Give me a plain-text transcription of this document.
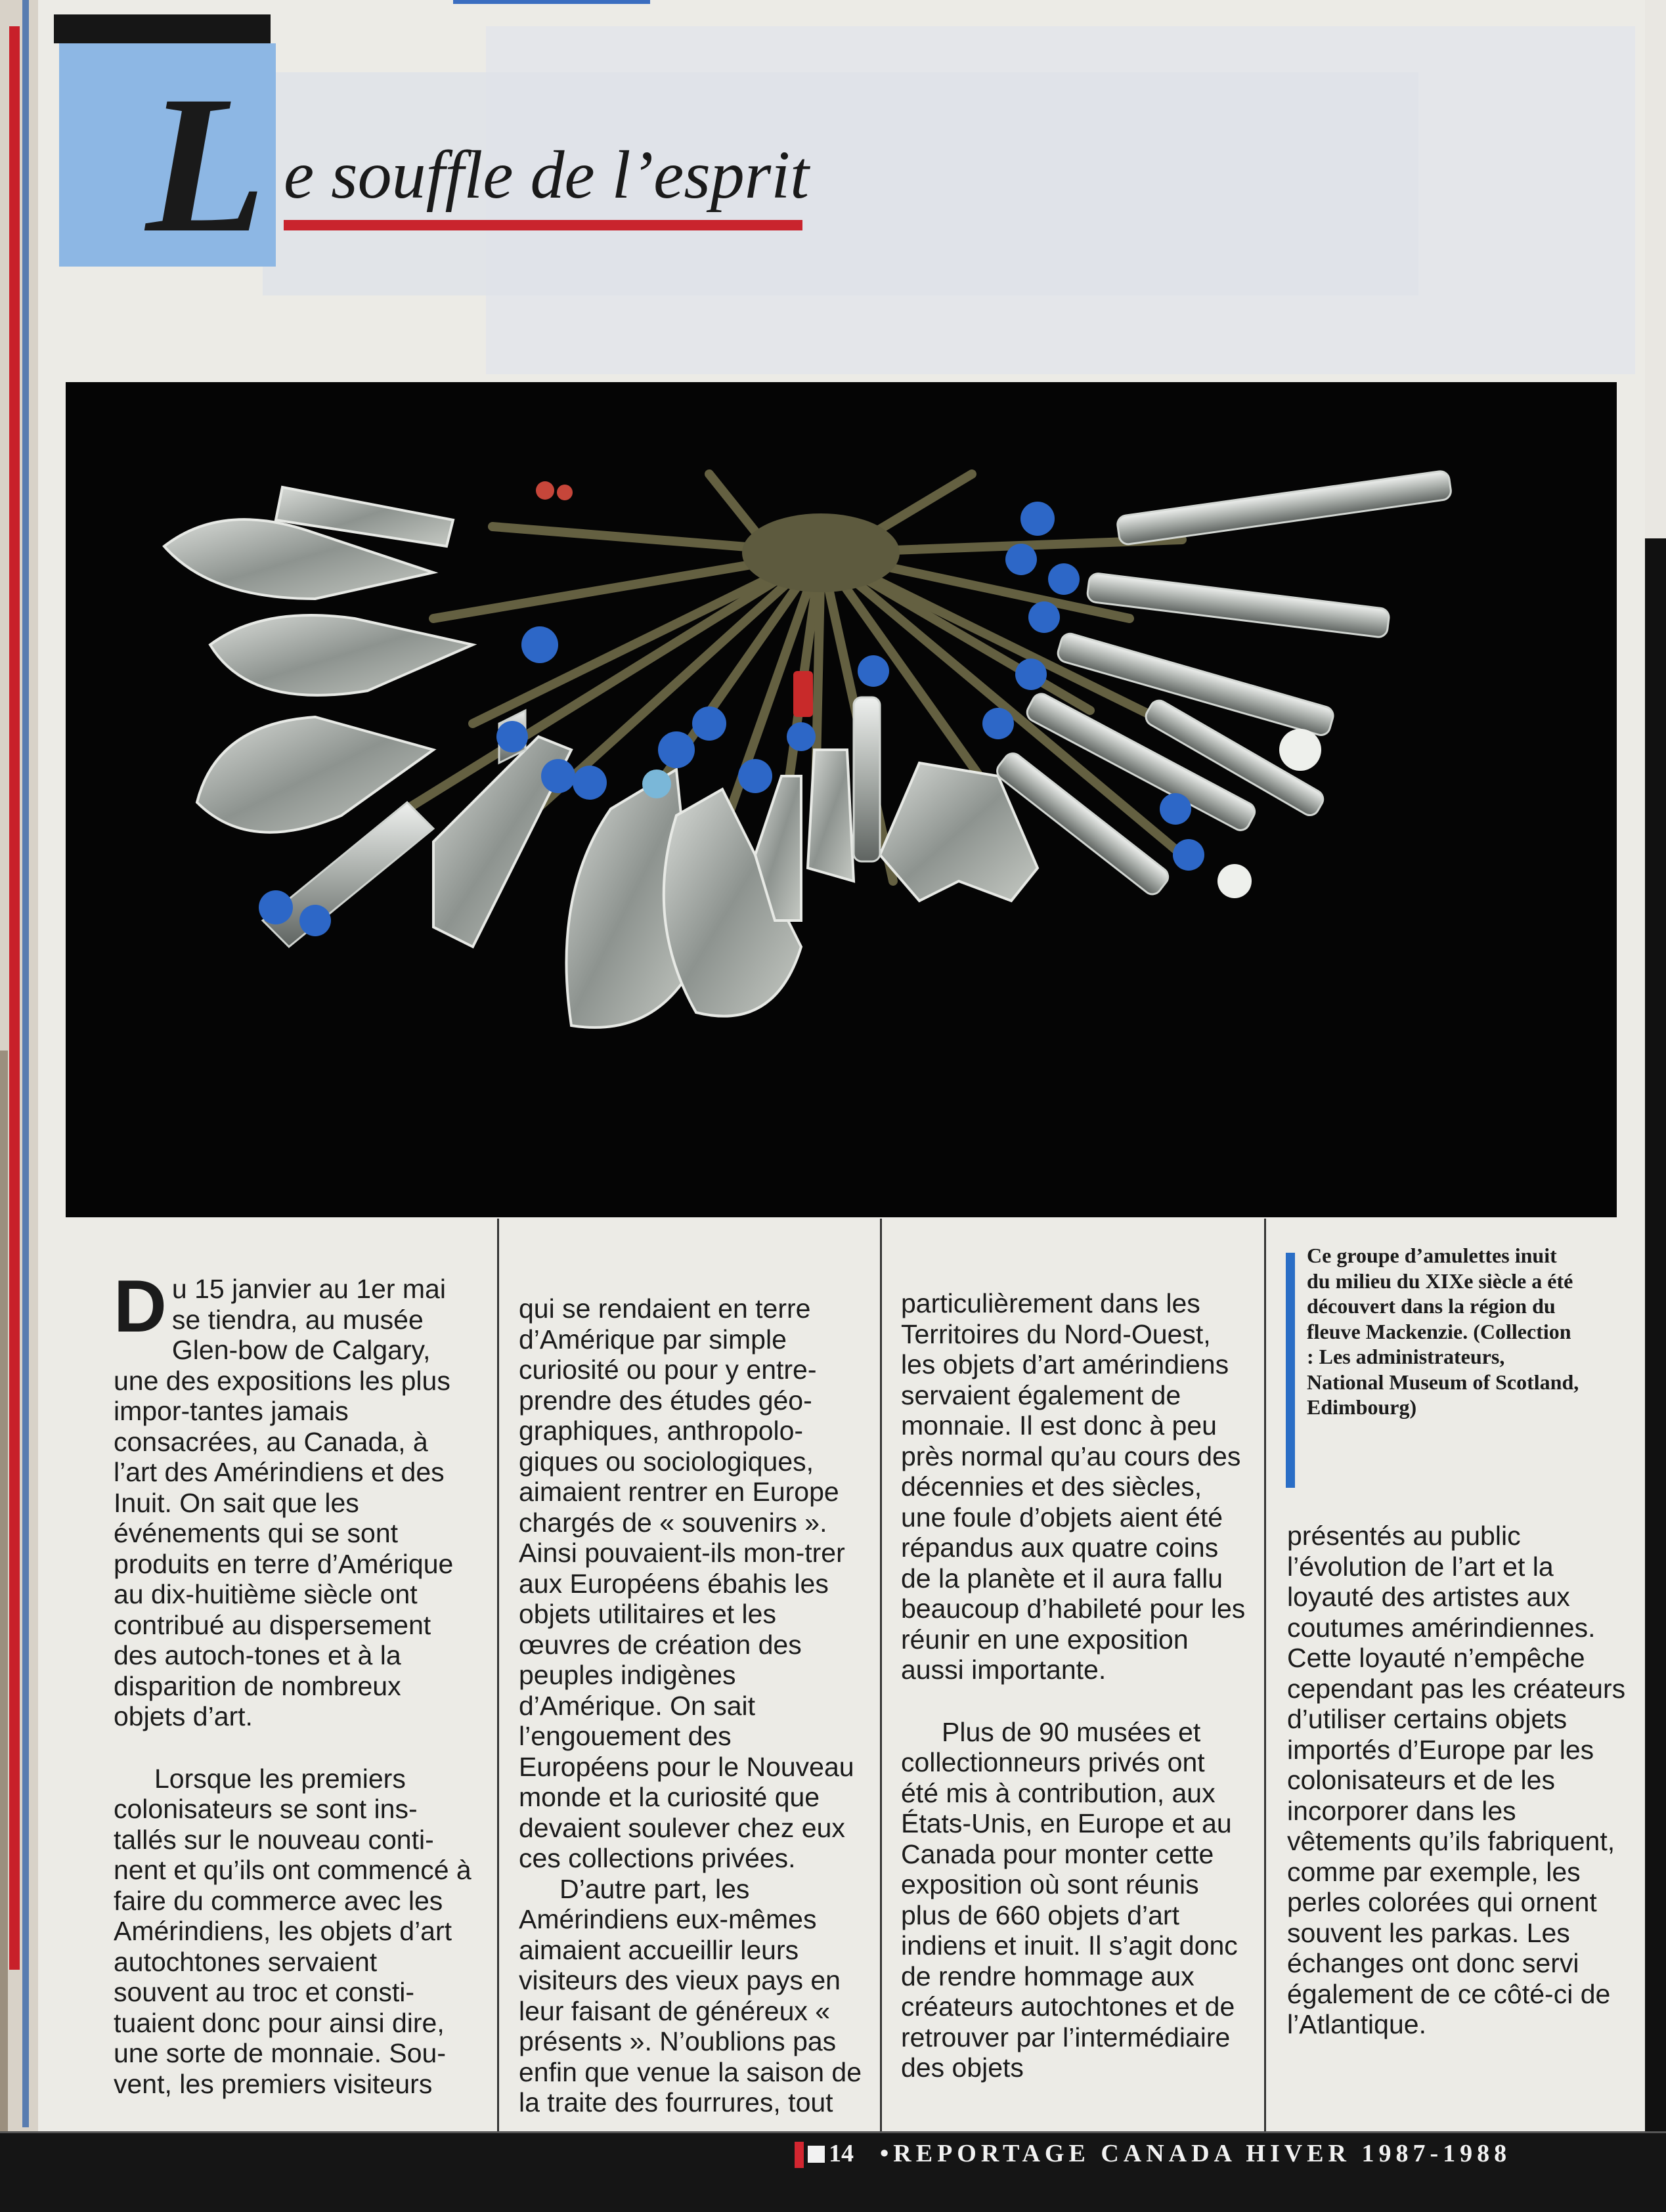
L e souffle de l’esprit

Du 15 janvier au 1er mai se tiendra, au musée Glen-bow de Calgary, une des expositions les plus impor-tantes jamais consacrées, au Canada, à l’art des Amérindiens et des Inuit. On sait que les événements qui se sont produits en terre d’Amérique au dix-huitième siècle ont contribué au dispersement des autoch-tones et à la disparition de nombreux objets d’art.

Lorsque les premiers colonisateurs se sont ins-tallés sur le nouveau conti-nent et qu’ils ont commencé à faire du commerce avec les Amérindiens, les objets d’art autochtones servaient souvent au troc et consti-tuaient donc pour ainsi dire, une sorte de monnaie. Sou-vent, les premiers visiteurs

qui se rendaient en terre d’Amérique par simple curiosité ou pour y entre-prendre des études géo-graphiques, anthropolo-giques ou sociologiques, aimaient rentrer en Europe chargés de « souvenirs ». Ainsi pouvaient-ils mon-trer aux Européens ébahis les objets utilitaires et les œuvres de création des peuples indigènes d’Amérique. On sait l’engouement des Européens pour le Nouveau monde et la curiosité que devaient soulever chez eux ces collections privées.

D’autre part, les Amérindiens eux-mêmes aimaient accueillir leurs visiteurs des vieux pays en leur faisant de généreux « présents ». N’oublions pas enfin que venue la saison de la traite des fourrures, tout

particulièrement dans les Territoires du Nord-Ouest, les objets d’art amérindiens servaient également de monnaie. Il est donc à peu près normal qu’au cours des décennies et des siècles, une foule d’objets aient été répandus aux quatre coins de la planète et il aura fallu beaucoup d’habileté pour les réunir en une exposition aussi importante.

Plus de 90 musées et collectionneurs privés ont été mis à contribution, aux États-Unis, en Europe et au Canada pour monter cette exposition où sont réunis plus de 660 objets d’art indiens et inuit. Il s’agit donc de rendre hommage aux créateurs autochtones et de retrouver par l’intermédiaire des objets

Ce groupe d’amulettes inuit du milieu du XIXe siècle a été découvert dans la région du fleuve Mackenzie. (Collection : Les administrateurs, National Museum of Scotland, Edimbourg)

présentés au public l’évolution de l’art et la loyauté des artistes aux coutumes amérindiennes. Cette loyauté n’empêche cependant pas les créateurs d’utiliser certains objets importés d’Europe par les colonisateurs et de les incorporer dans les vêtements qu’ils fabriquent, comme par exemple, les perles colorées qui ornent souvent les parkas. Les échanges ont donc servi également de ce côté-ci de l’Atlantique.

14 •REPORTAGE CANADA HIVER 1987-1988
